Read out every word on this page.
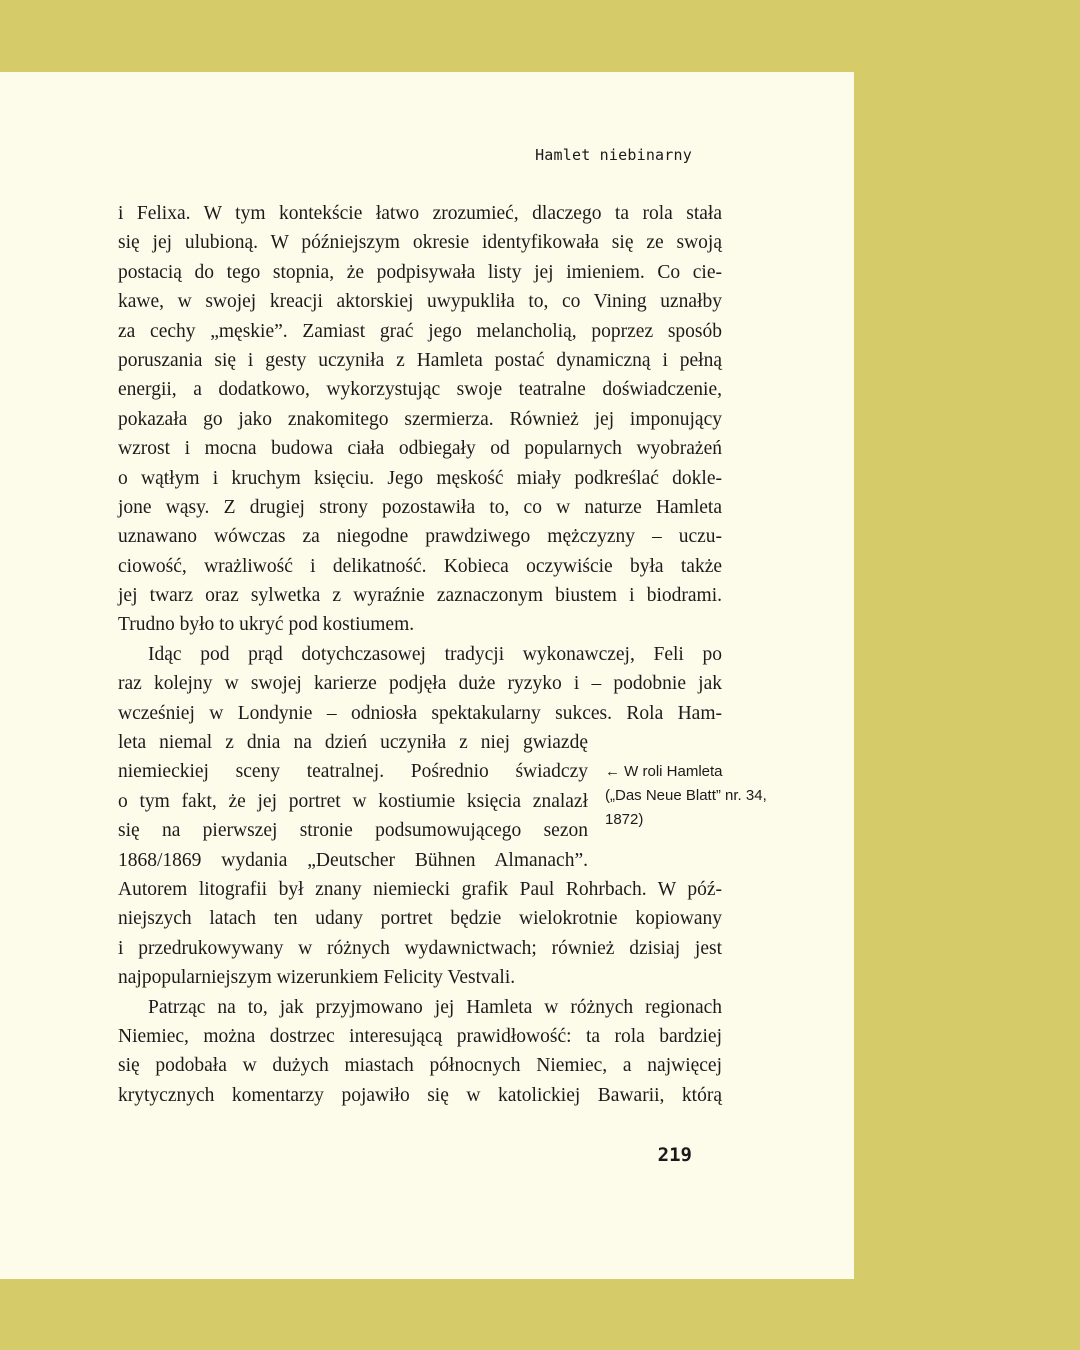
Hamlet niebinarny
i Felixa. W tym kontekście łatwo zrozumieć, dlaczego ta rola stała
się jej ulubioną. W późniejszym okresie identyfikowała się ze swoją
postacią do tego stopnia, że podpisywała listy jej imieniem. Co cie-
kawe, w swojej kreacji aktorskiej uwypukliła to, co Vining uznałby
za cechy „męskie”. Zamiast grać jego melancholią, poprzez sposób
poruszania się i gesty uczyniła z Hamleta postać dynamiczną i pełną
energii, a dodatkowo, wykorzystując swoje teatralne doświadczenie,
pokazała go jako znakomitego szermierza. Również jej imponujący
wzrost i mocna budowa ciała odbiegały od popularnych wyobrażeń
o wątłym i kruchym księciu. Jego męskość miały podkreślać dokle-
jone wąsy. Z drugiej strony pozostawiła to, co w naturze Hamleta
uznawano wówczas za niegodne prawdziwego mężczyzny – uczu-
ciowość, wrażliwość i delikatność. Kobieca oczywiście była także
jej twarz oraz sylwetka z wyraźnie zaznaczonym biustem i biodrami.
Trudno było to ukryć pod kostiumem.
Idąc pod prąd dotychczasowej tradycji wykonawczej, Feli po
raz kolejny w swojej karierze podjęła duże ryzyko i – podobnie jak
wcześniej w Londynie – odniosła spektakularny sukces. Rola Ham-
leta niemal z dnia na dzień uczyniła z niej gwiazdę
niemieckiej sceny teatralnej. Pośrednio świadczy
o tym fakt, że jej portret w kostiumie księcia znalazł
się na pierwszej stronie podsumowującego sezon
1868/1869 wydania „Deutscher Bühnen Almanach”.
Autorem litografii był znany niemiecki grafik Paul Rohrbach. W póź-
niejszych latach ten udany portret będzie wielokrotnie kopiowany
i przedrukowywany w różnych wydawnictwach; również dzisiaj jest
najpopularniejszym wizerunkiem Felicity Vestvali.
Patrząc na to, jak przyjmowano jej Hamleta w różnych regionach
Niemiec, można dostrzec interesującą prawidłowość: ta rola bardziej
się podobała w dużych miastach północnych Niemiec, a najwięcej
krytycznych komentarzy pojawiło się w katolickiej Bawarii, którą
← W roli Hamleta
(„Das Neue Blatt” nr. 34,
1872)
219
